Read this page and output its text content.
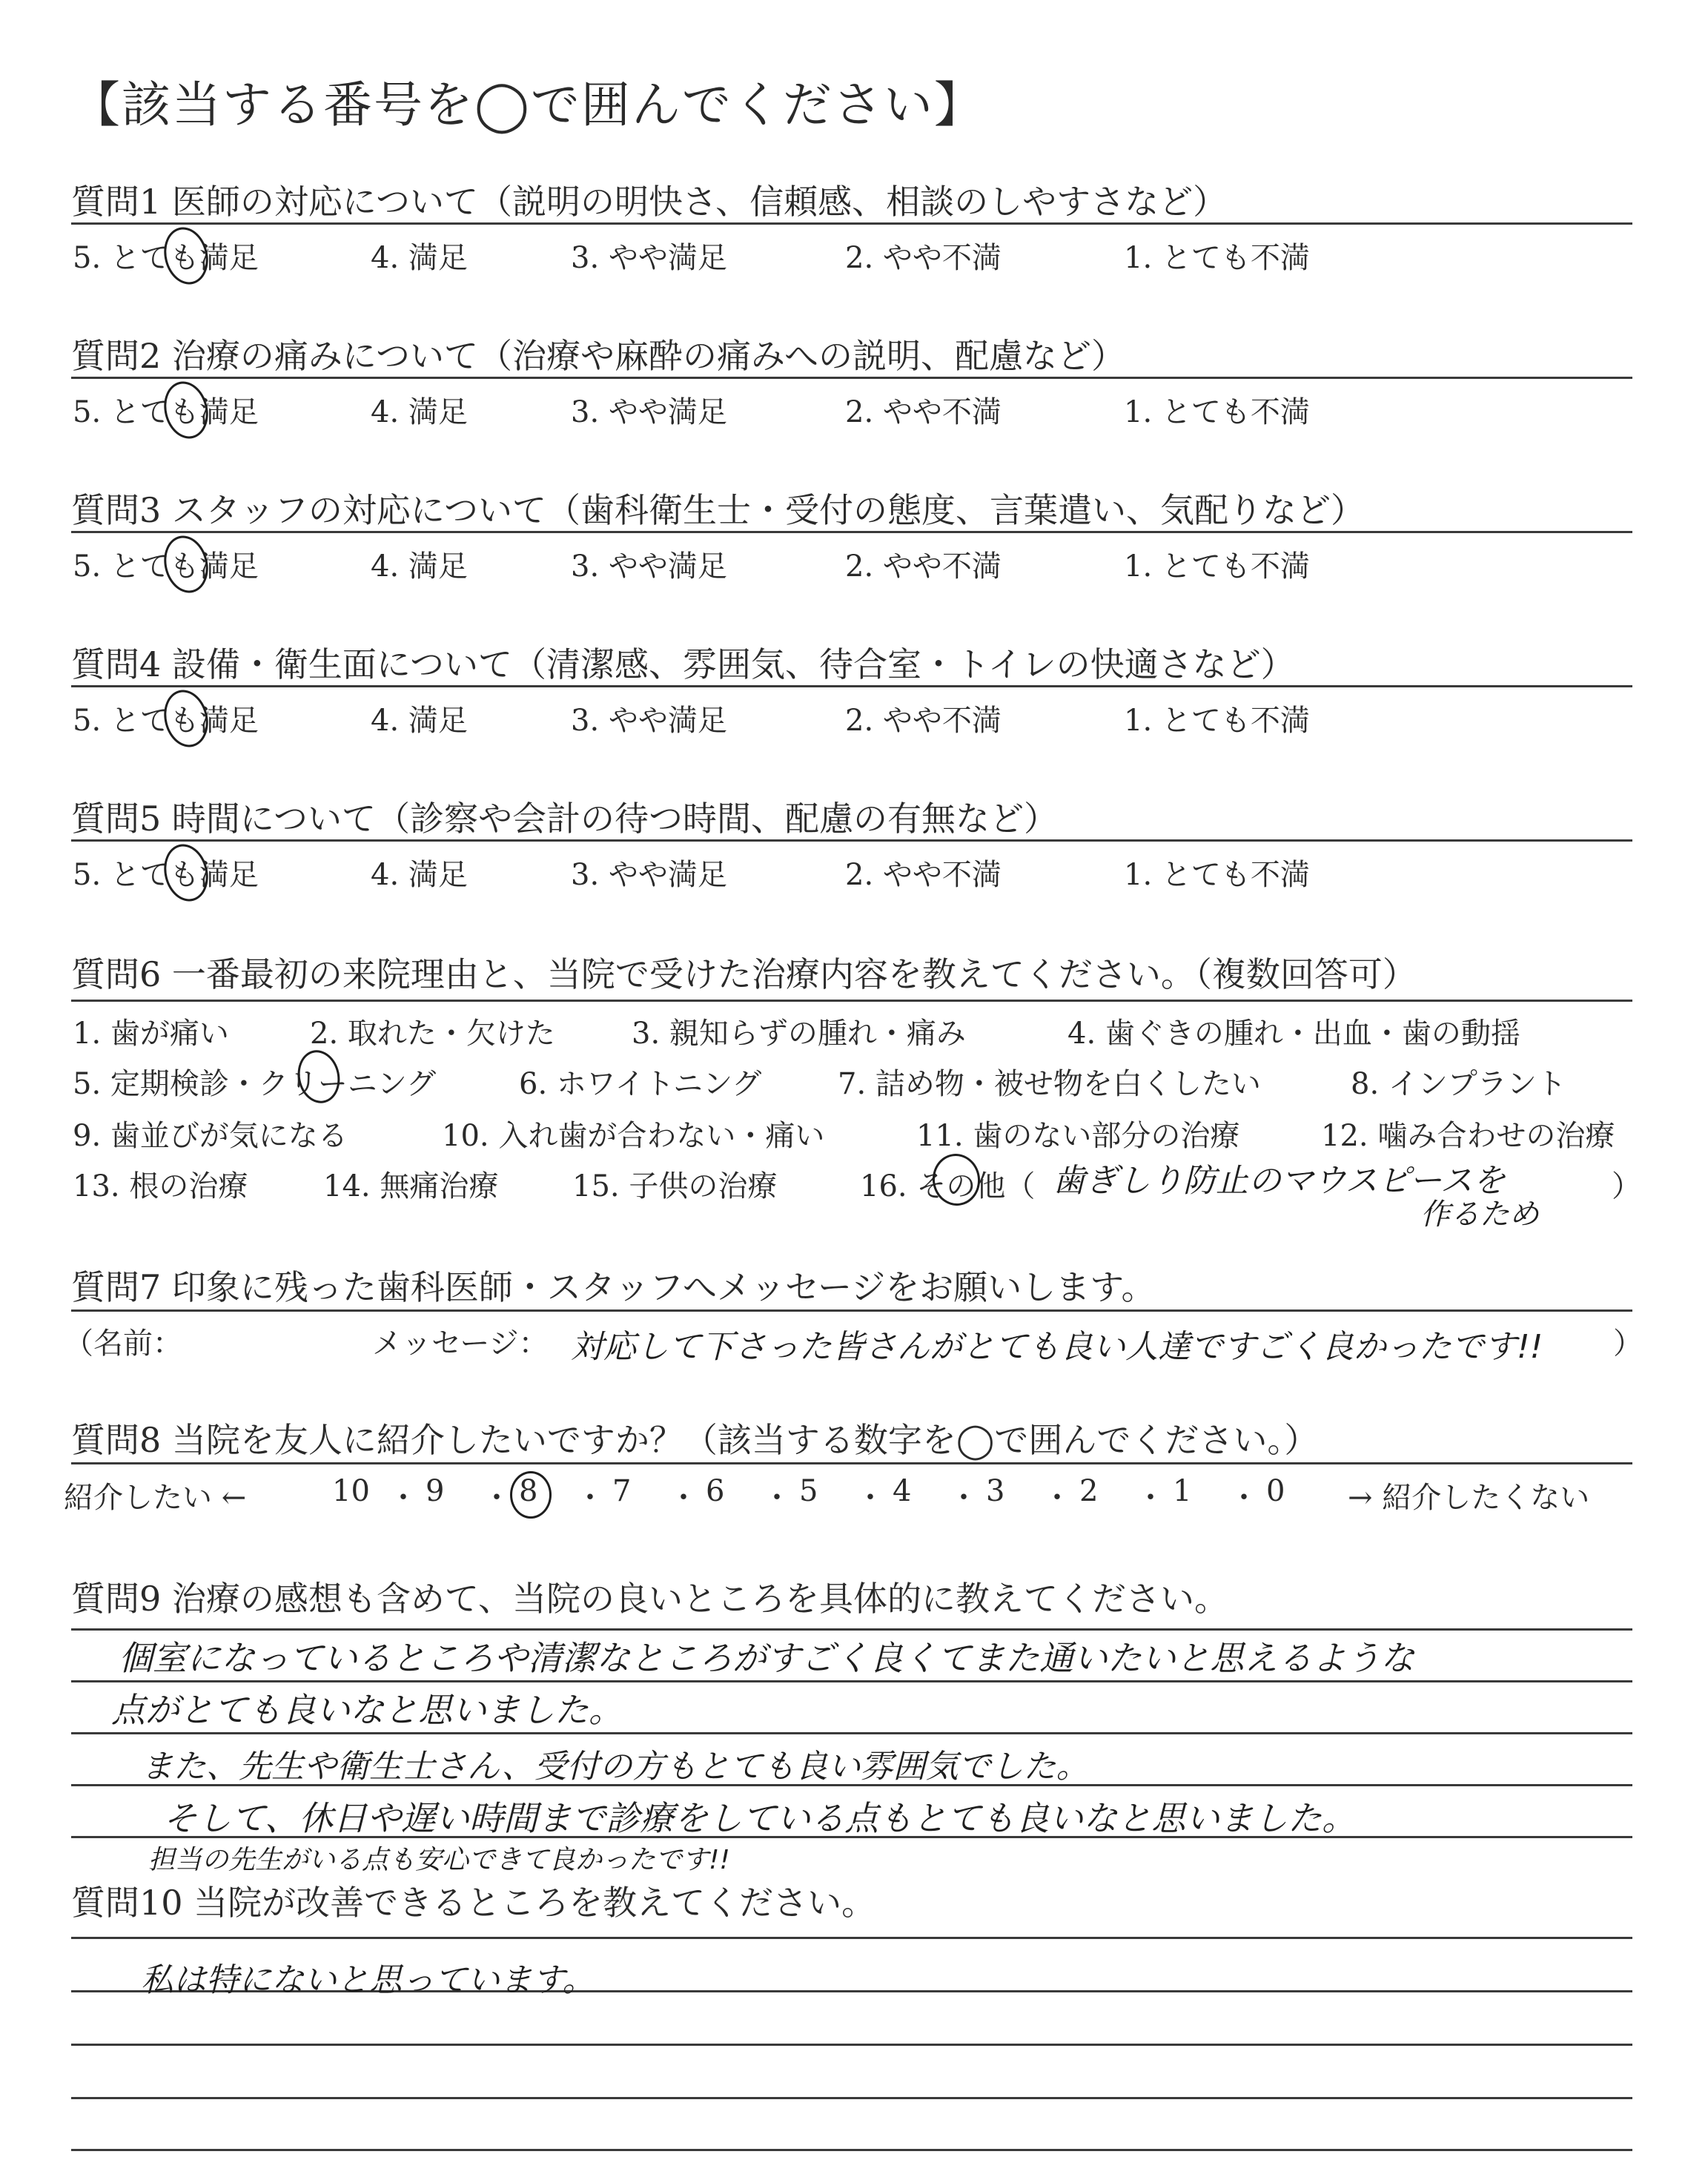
【該当する番号を◯で囲んでください】
質問1 医師の対応について（説明の明快さ、信頼感、相談のしやすさなど）
5. とても満足	4. 満足	3. やや満足	2. やや不満	1. とても不満
質問2 治療の痛みについて（治療や麻酔の痛みへの説明、配慮など）
5. とても満足	4. 満足	3. やや満足	2. やや不満	1. とても不満
質問3 スタッフの対応について（歯科衛生士・受付の態度、言葉遣い、気配りなど）
5. とても満足	4. 満足	3. やや満足	2. やや不満	1. とても不満
質問4 設備・衛生面について（清潔感、雰囲気、待合室・トイレの快適さなど）
5. とても満足	4. 満足	3. やや満足	2. やや不満	1. とても不満
質問5 時間について（診察や会計の待つ時間、配慮の有無など）
5. とても満足	4. 満足	3. やや満足	2. やや不満	1. とても不満
質問6 一番最初の来院理由と、当院で受けた治療内容を教えてください。（複数回答可）
1. 歯が痛い	2. 取れた・欠けた	3. 親知らずの腫れ・痛み	4. 歯ぐきの腫れ・出血・歯の動揺
5. 定期検診・クリーニング	6. ホワイトニング	7. 詰め物・被せ物を白くしたい	8. インプラント
9. 歯並びが気になる	10. 入れ歯が合わない・痛い	11. 歯のない部分の治療	12. 噛み合わせの治療
13. 根の治療	14. 無痛治療 15. 子供の治療	16. その他（ 歯ぎしり防止のマウスピースを
作るため
）
質問7 印象に残った歯科医師・スタッフへメッセージをお願いします。
（名前：	メッセージ： 対応して下さった皆さんがとても良い人達ですごく良かったです!! ）
質問8 当院を友人に紹介したいですか？（該当する数字を◯で囲んでください。）
紹介したい ←	10 ・ 9 ・ 8 ・ 7 ・ 6 ・ 5 ・ 4 ・ 3 ・ 2 ・ 1 ・ 0 → 紹介したくない
質問9 治療の感想も含めて、当院の良いところを具体的に教えてください。
個室になっているところや清潔なところがすごく良くてまた通いたいと思えるような
点がとても良いなと思いました。
また、先生や衛生士さん、受付の方もとても良い雰囲気でした。
そして、休日や遅い時間まで診療をしている点もとても良いなと思いました。
担当の先生がいる点も安心できて良かったです!!
質問10 当院が改善できるところを教えてください。
私は特にないと思っています。
